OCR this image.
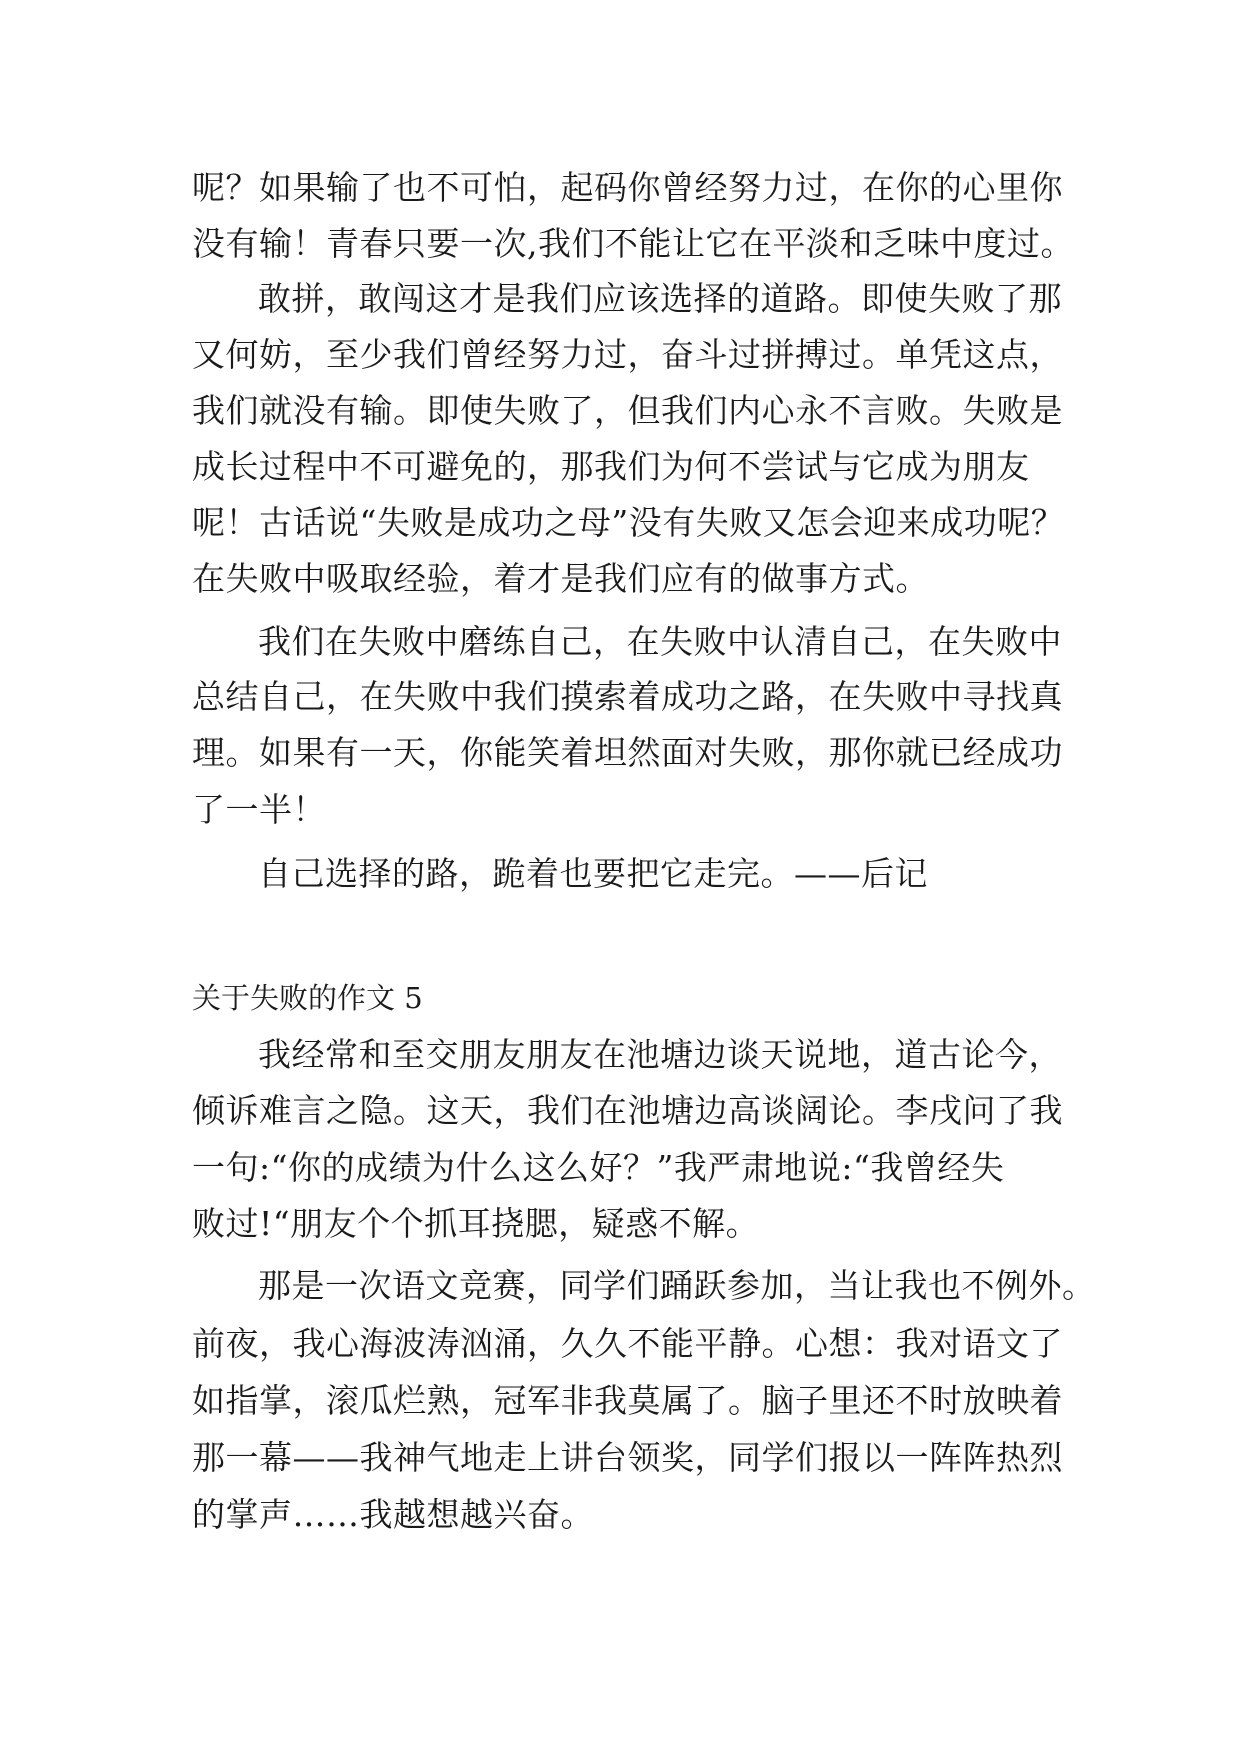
呢？如果输了也不可怕，起码你曾经努力过，在你的心里你
没有输！青春只要一次,我们不能让它在平淡和乏味中度过。
敢拼，敢闯这才是我们应该选择的道路。即使失败了那
又何妨，至少我们曾经努力过，奋斗过拼搏过。单凭这点，
我们就没有输。即使失败了，但我们内心永不言败。失败是
成长过程中不可避免的，那我们为何不尝试与它成为朋友
呢！古话说“失败是成功之母”没有失败又怎会迎来成功呢？
在失败中吸取经验，着才是我们应有的做事方式。
我们在失败中磨练自己，在失败中认清自己，在失败中
总结自己，在失败中我们摸索着成功之路，在失败中寻找真
理。如果有一天，你能笑着坦然面对失败，那你就已经成功
了一半！
自己选择的路，跪着也要把它走完。——后记
关于失败的作文 5
我经常和至交朋友朋友在池塘边谈天说地，道古论今，
倾诉难言之隐。这天，我们在池塘边高谈阔论。李戌问了我
一句:“你的成绩为什么这么好？”我严肃地说:“我曾经失
败过!“朋友个个抓耳挠腮，疑惑不解。
那是一次语文竞赛，同学们踊跃参加，当让我也不例外。
前夜，我心海波涛汹涌，久久不能平静。心想：我对语文了
如指掌，滚瓜烂熟，冠军非我莫属了。脑子里还不时放映着
那一幕——我神气地走上讲台领奖，同学们报以一阵阵热烈
的掌声……我越想越兴奋。
